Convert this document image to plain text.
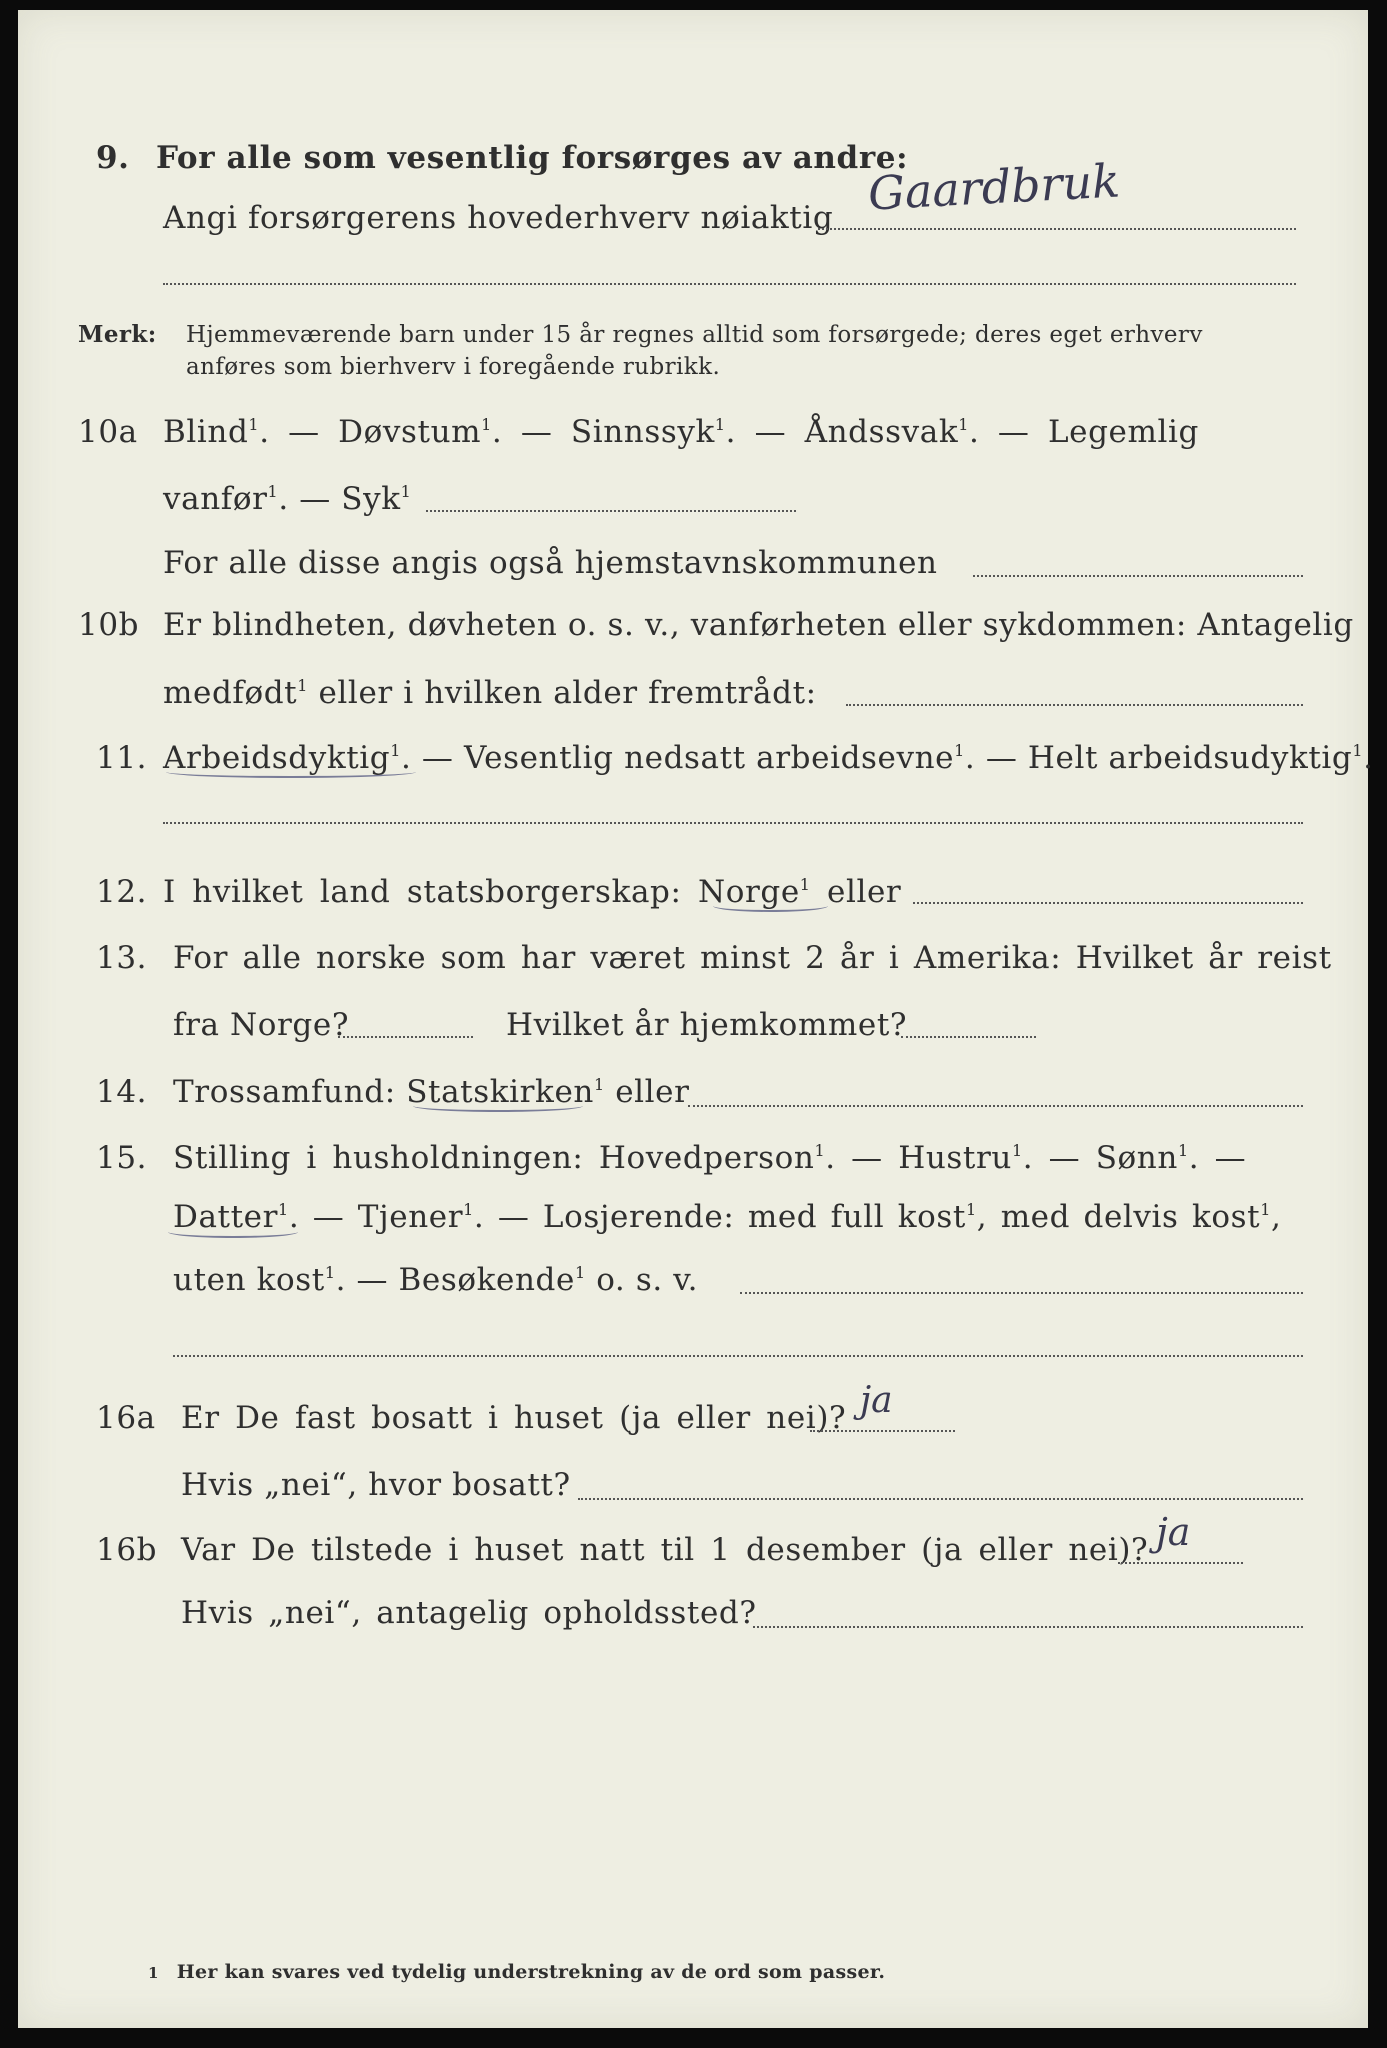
9. For alle som vesentlig forsørges av andre:
Angi forsørgerens hovederhverv nøiaktig Gaardbruk
Merk: Hjemmeværende barn under 15 år regnes alltid som forsørgede; deres eget erhverv
anføres som bierhverv i foregående rubrikk.
10a Blind$^1$. — Døvstum$^1$. — Sinnssyk$^1$. — Åndssvak$^1$. — Legemlig
vanfør$^1$. — Syk$^1$
For alle disse angis også hjemstavnskommunen
10b Er blindheten, døvheten o. s. v., vanførheten eller sykdommen: Antagelig
medfødt$^1$ eller i hvilken alder fremtrådt:
11. Arbeidsdyktig$^1$. — Vesentlig nedsatt arbeidsevne$^1$. — Helt arbeidsudyktig$^1$.
12. I hvilket land statsborgerskap: Norge$^1$ eller
13. For alle norske som har været minst 2 år i Amerika: Hvilket år reist
fra Norge?	Hvilket år hjemkommet?
14. Trossamfund: Statskirken$^1$ eller
15. Stilling i husholdningen: Hovedperson$^1$. — Hustru$^1$. — Sønn$^1$. —
Datter$^1$. — Tjener$^1$. — Losjerende: med full kost$^1$, med delvis kost$^1$,
uten kost$^1$. — Besøkende$^1$ o. s. v.
16a Er De fast bosatt i huset (ja eller nei)? ja
Hvis „nei“, hvor bosatt?
16b Var De tilstede i huset natt til 1 desember (ja eller nei)? ja
Hvis „nei“, antagelig opholdssted?
1 Her kan svares ved tydelig understrekning av de ord som passer.
